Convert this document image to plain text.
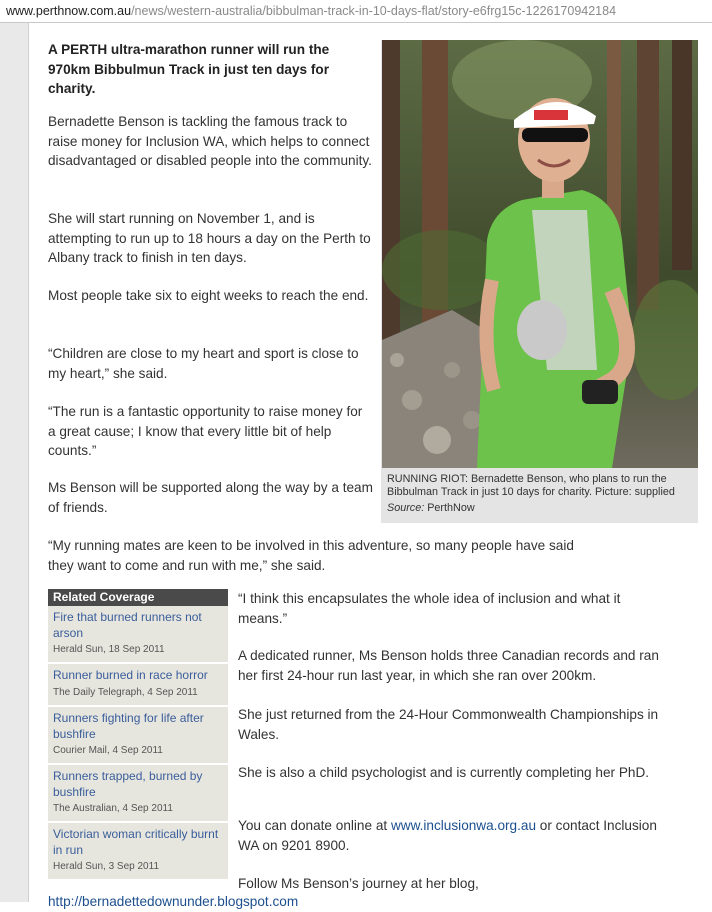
www.perthnow.com.au/news/western-australia/bibbulman-track-in-10-days-flat/story-e6frg15c-1226170942184

A PERTH ultra-marathon runner will run the 970km Bibbulmun Track in just ten days for charity.

Bernadette Benson is tackling the famous track to raise money for Inclusion WA, which helps to connect disadvantaged or disabled people into the community.

She will start running on November 1, and is attempting to run up to 18 hours a day on the Perth to Albany track to finish in ten days.

Most people take six to eight weeks to reach the end.

“Children are close to my heart and sport is close to my heart,” she said.

“The run is a fantastic opportunity to raise money for a great cause; I know that every little bit of help counts.”

Ms Benson will be supported along the way by a team of friends.

“My running mates are keen to be involved in this adventure, so many people have said they want to come and run with me,” she said.

RUNNING RIOT: Bernadette Benson, who plans to run the Bibbulman Track in just 10 days for charity. Picture: supplied
Source: PerthNow
Related Coverage
Fire that burned runners not arson
Herald Sun, 18 Sep 2011
Runner burned in race horror
The Daily Telegraph, 4 Sep 2011
Runners fighting for life after bushfire
Courier Mail, 4 Sep 2011
Runners trapped, burned by bushfire
The Australian, 4 Sep 2011
Victorian woman critically burnt in run
Herald Sun, 3 Sep 2011

“I think this encapsulates the whole idea of inclusion and what it means.”

A dedicated runner, Ms Benson holds three Canadian records and ran her first 24-hour run last year, in which she ran over 200km.

She just returned from the 24-Hour Commonwealth Championships in Wales.

She is also a child psychologist and is currently completing her PhD.

You can donate online at www.inclusionwa.org.au or contact Inclusion WA on 9201 8900.

Follow Ms Benson’s journey at her blog,

http://bernadettedownunder.blogspot.com
